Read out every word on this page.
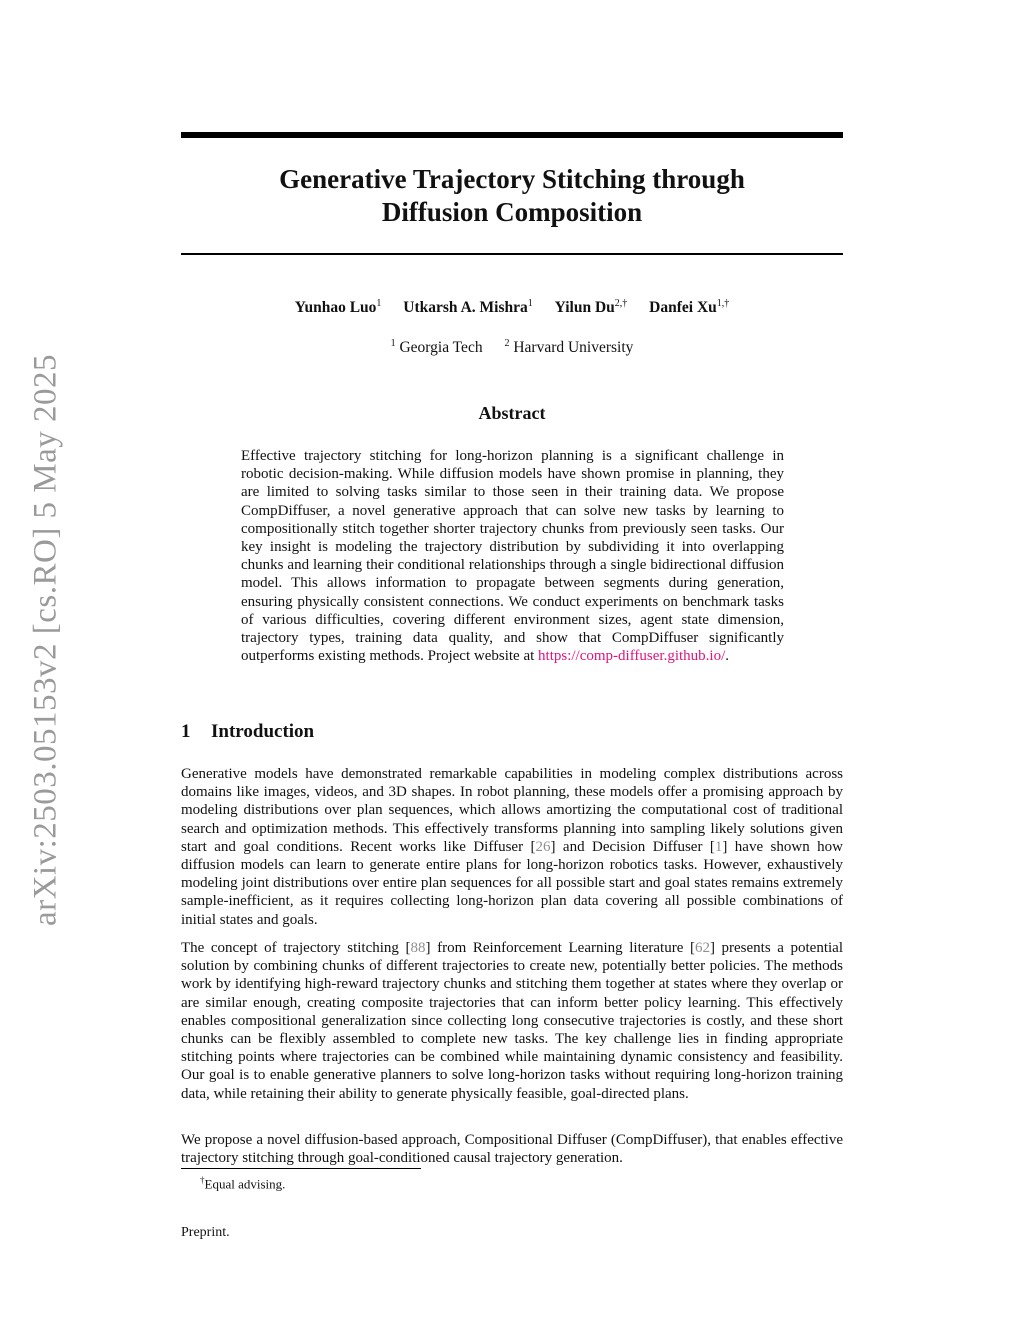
arXiv:2503.05153v2 [cs.RO] 5 May 2025
Generative Trajectory Stitching through
Diffusion Composition
Yunhao Luo$^1$ Utkarsh A. Mishra$^1$ Yilun $Du^{2,\dagger}$ Danfei $Xu^{1,\dagger}$
$^1$ Georgia Tech $^2$ Harvard University
Abstract
Effective trajectory stitching for long-horizon planning is a significant challenge in robotic decision-making. While diffusion models have shown promise in planning, they are limited to solving tasks similar to those seen in their training data. We propose CompDiffuser, a novel generative approach that can solve new tasks by learning to compositionally stitch together shorter trajectory chunks from previously seen tasks. Our key insight is modeling the trajectory distribution by subdividing it into overlapping chunks and learning their conditional relationships through a single bidirectional diffusion model. This allows information to propagate between segments during generation, ensuring physically consistent connections. We conduct experiments on benchmark tasks of various difficulties, covering different environment sizes, agent state dimension, trajectory types, training data quality, and show that CompDiffuser significantly outperforms existing methods. Project website at https://comp-diffuser.github.io/.
1 Introduction
Generative models have demonstrated remarkable capabilities in modeling complex distributions across domains like images, videos, and 3D shapes. In robot planning, these models offer a promising approach by modeling distributions over plan sequences, which allows amortizing the computational cost of traditional search and optimization methods. This effectively transforms planning into sampling likely solutions given start and goal conditions. Recent works like Diffuser [26] and Decision Diffuser [1] have shown how diffusion models can learn to generate entire plans for long-horizon robotics tasks. However, exhaustively modeling joint distributions over entire plan sequences for all possible start and goal states remains extremely sample-inefficient, as it requires collecting long-horizon plan data covering all possible combinations of initial states and goals.
The concept of trajectory stitching [88] from Reinforcement Learning literature [62] presents a potential solution by combining chunks of different trajectories to create new, potentially better policies. The methods work by identifying high-reward trajectory chunks and stitching them together at states where they overlap or are similar enough, creating composite trajectories that can inform better policy learning. This effectively enables compositional generalization since collecting long consecutive trajectories is costly, and these short chunks can be flexibly assembled to complete new tasks. The key challenge lies in finding appropriate stitching points where trajectories can be combined while maintaining dynamic consistency and feasibility. Our goal is to enable generative planners to solve long-horizon tasks without requiring long-horizon training data, while retaining their ability to generate physically feasible, goal-directed plans.
We propose a novel diffusion-based approach, Compositional Diffuser (CompDiffuser), that enables effective trajectory stitching through goal-conditioned causal trajectory generation.
†Equal advising.
Preprint.
